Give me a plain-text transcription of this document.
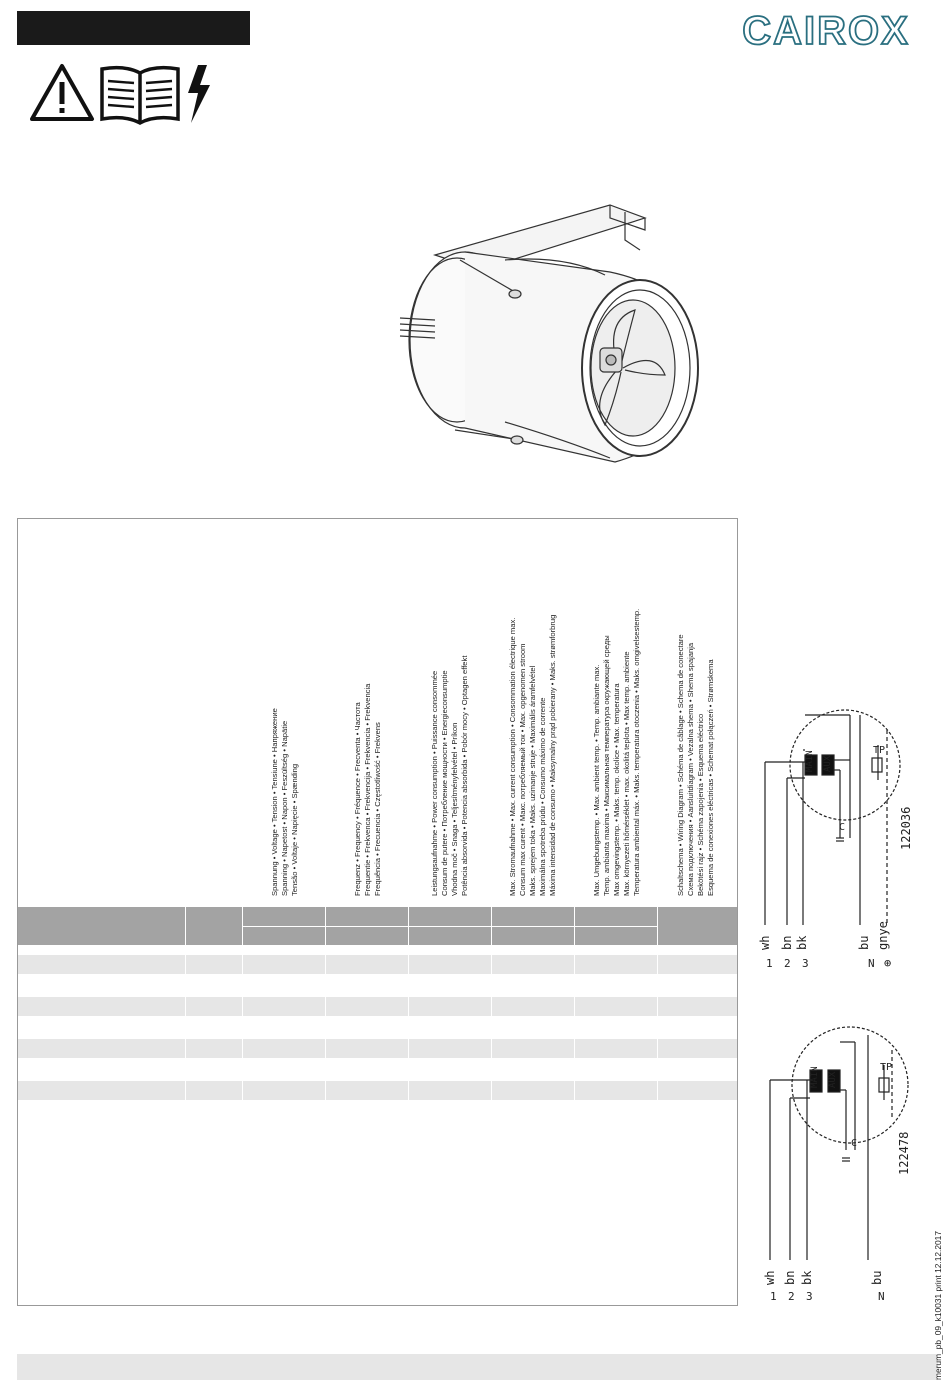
CAIROX
Spannung • Voltage • Tension • Tensiune • Напряжение Spanning • Napetost • Napon • Feszültség • Napätie Tensão • Voltaje • Napięcie • Spænding	Frequenz • Frequency • Fréquence • Frecventa • Частота Frequentie • Frekvenca • Frekvencija • Frekvencia • Frekvencia Frequência • Frecuencia • Częstotliwość • Frekvens	Leistungsaufnahme • Power consumption • Puissance consommée Consum de putere • Потребление мощности • Energieconsumptie Vhodna moč • Snaga • Teljesítményfelvétel • Príkon Potência absorvida • Potencia absorbida • Pobór mocy • Optagen effekt	Max. Stromaufnahme • Max. current consumption • Consommation électrique max. Consum max curent • Макс. потребляемый ток • Max. opgenomen stroom Maks. sprejem toka • Maks. uzimanje struje • Maximális áramfelvétel Maximálna spotreba prúdu • Consumo máximo de corrente Máxima intensidad de consumo • Maksymalny prąd pobierany • Maks. strømforbrug	Max. Umgebungstemp. • Max. ambient temp. • Temp. ambiante max. Temp. ambianta maxima • Максимальная температура окружающей среды Max omgevingstemp. • Maks. temp. okolice • Max. temperatura Max. környezeti hőmérséklet • max. okolitá teplota • Max temp. ambiente Temperatura ambiental máx. • Maks. temperatura otoczenia • Maks. omgivelsestemp.	Schaltschema • Wiring Diagram • Schéma de câblage • Schema de conectare Схема подключения • Aansluitdiagram • Vezalna shema • Shema spajanja Bekötési rajz • Schéma zapojenia • Esquema eléctrico Esquema de conexiones eléctricas • Schemat połączeń • Strømskema	MAIN AUX
TP
C	122036
wh bn bk	bu gnye
1 2 3	N ⊕
MAIN AUX
TP
C	122478
wh bn bk	bu
1 2 3	N	merum_pb_09_k10031 print 12.12.2017
